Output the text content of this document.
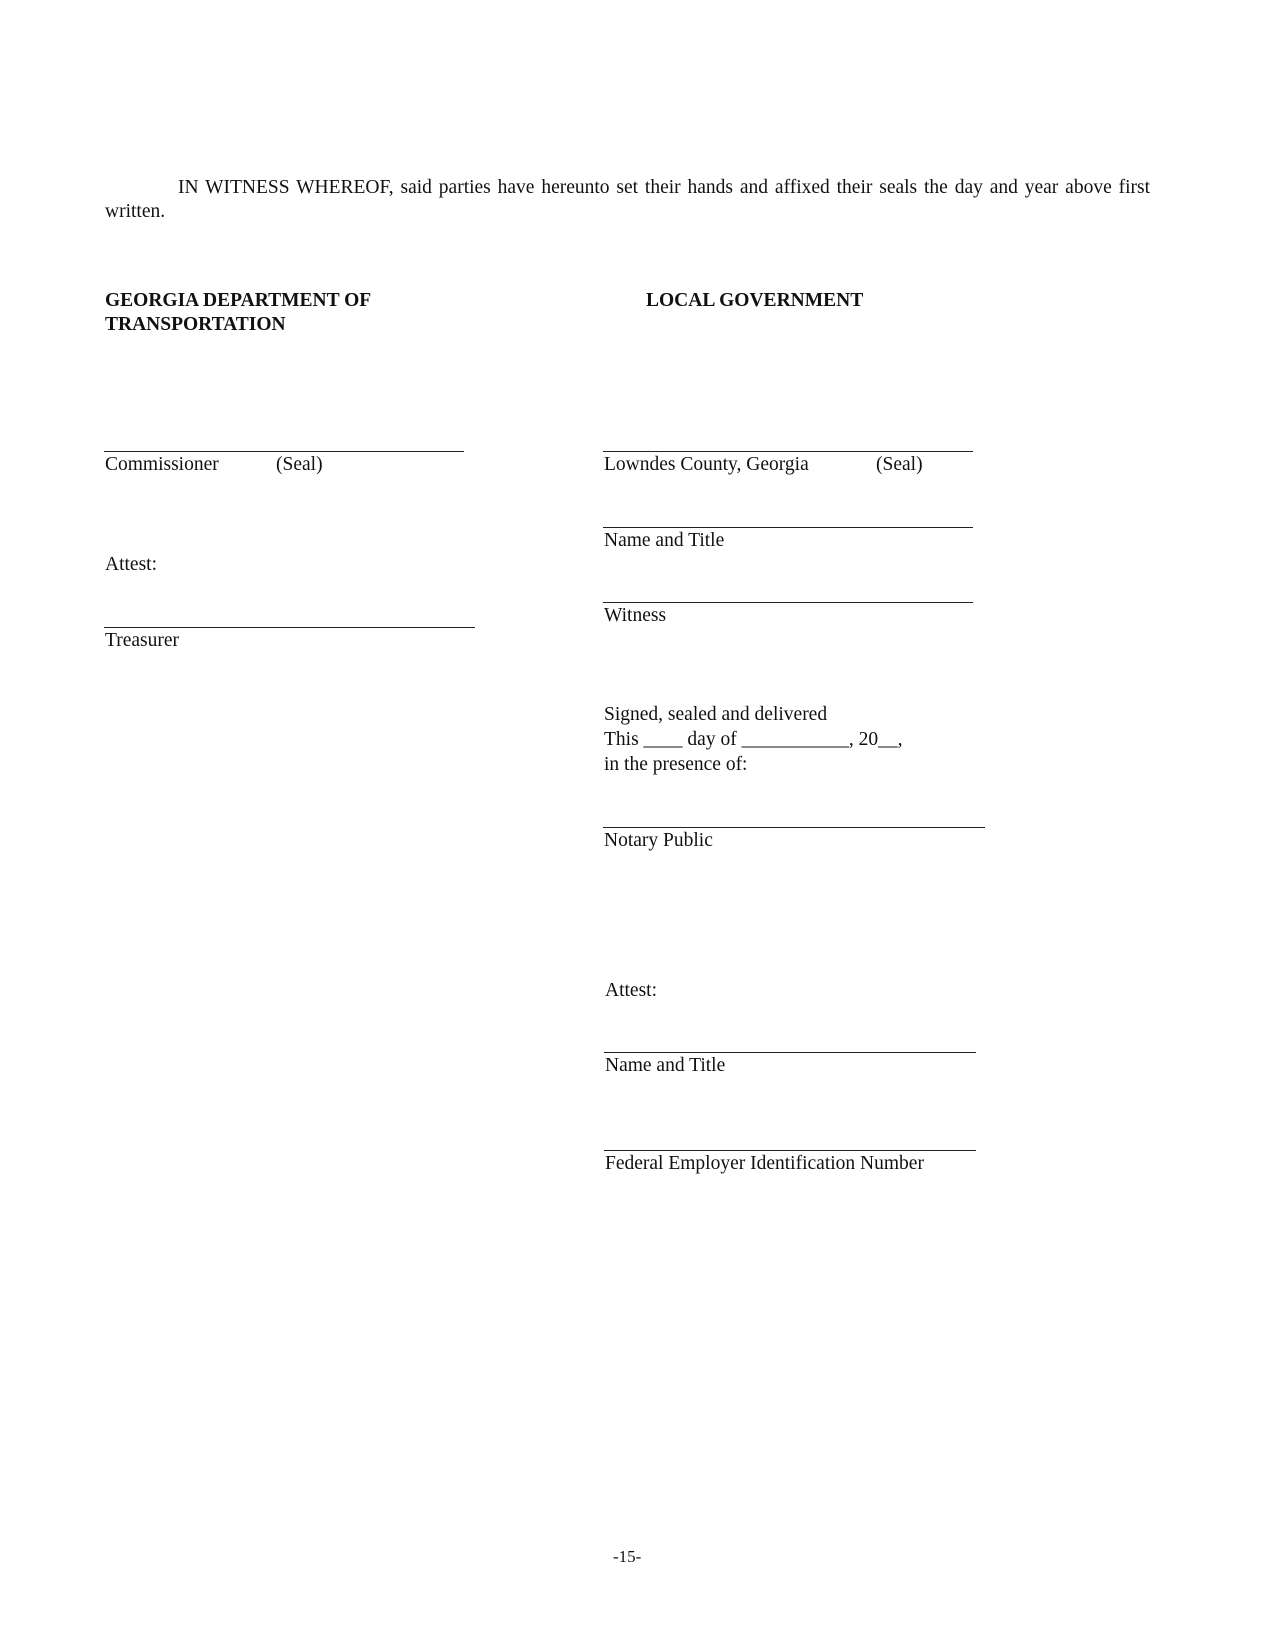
IN WITNESS WHEREOF, said parties have hereunto set their hands and affixed their seals the day and year above first written.
GEORGIA DEPARTMENT OF
TRANSPORTATION
Commissioner	(Seal)
Attest:
Treasurer
LOCAL GOVERNMENT
Lowndes County, Georgia	(Seal)
Name and Title
Witness
Signed, sealed and delivered
This ____ day of ___________, 20__,
in the presence of:
Notary Public
Attest:
Name and Title
Federal Employer Identification Number
-15-
